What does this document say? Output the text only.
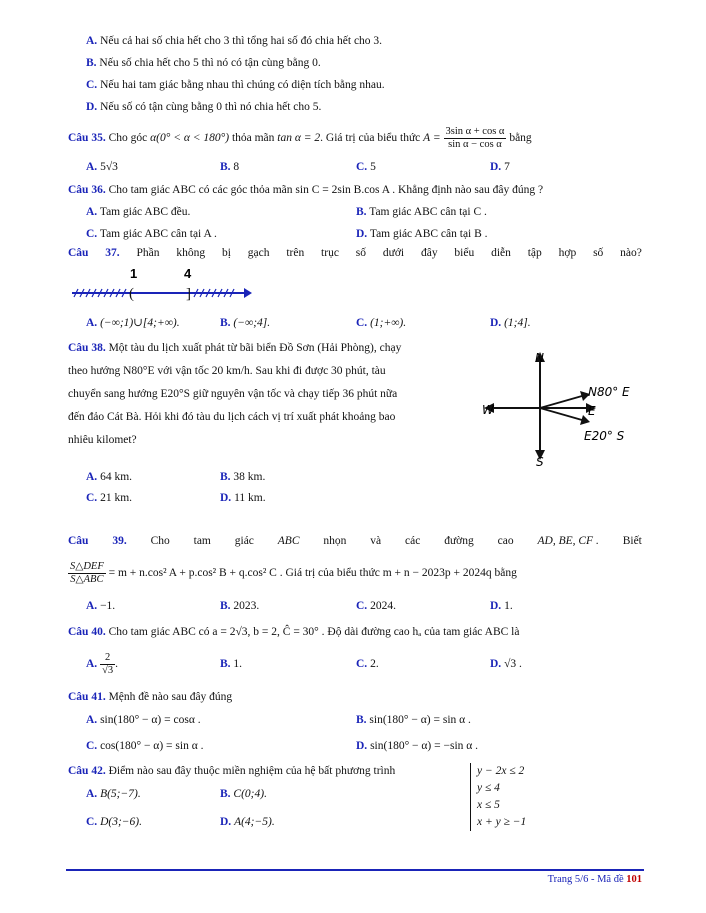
A. Nếu cả hai số chia hết cho 3 thì tổng hai số đó chia hết cho 3.
B. Nếu số chia hết cho 5 thì nó có tận cùng bằng 0.
C. Nếu hai tam giác bằng nhau thì chúng có diện tích bằng nhau.
D. Nếu số có tận cùng bằng 0 thì nó chia hết cho 5.
Câu 35. Cho góc α(0° < α < 180°) thỏa mãn tan α = 2. Giá trị của biểu thức $A = \frac{\text{3sin α + cos α}}{\text{sin α − cos α}}$ bằng
A. 5√3	B. 8	C. 5	D. 7
Câu 36. Cho tam giác ABC có các góc thỏa mãn sin C = 2sin B.cos A . Khẳng định nào sau đây đúng ?
A. Tam giác ABC đều.	B. Tam giác ABC cân tại C .
C. Tam giác ABC cân tại A .	D. Tam giác ABC cân tại B .
Câu 37. Phần không bị gạch trên trục số dưới đây biểu diễn tập hợp số nào?
1	4
(	]
A. (−∞;1)∪[4;+∞).	B. (−∞;4].	C. (1;+∞).	D. (1;4].
Câu 38. Một tàu du lịch xuất phát từ bãi biển Đồ Sơn (Hải Phòng), chạy
theo hướng N80°E với vận tốc 20 km/h. Sau khi đi được 30 phút, tàu
chuyển sang hướng E20°S giữ nguyên vận tốc và chạy tiếp 36 phút nữa
đến đảo Cát Bà. Hỏi khi đó tàu du lịch cách vị trí xuất phát khoảng bao
nhiêu kilomet?
N
S
W	E
N80° E
E20° S
A. 64 km.	B. 38 km.
C. 21 km.	D. 11 km.
Câu 39. Cho tam giác ABC nhọn và các đường cao AD, BE, CF . Biết
$\frac{\text{S△DEF}}{\text{S△ABC}} = m + n.\cos^2$ A + p.cos² B + q.cos² C . Giá trị của biểu thức m + n − 2023p + 2024q bằng
A. −1.	B. 2023.	C. 2024.	D. 1.
Câu 40. Cho tam giác ABC có a = 2√3, b = 2, Ĉ = 30° . Độ dài đường cao hₐ của tam giác ABC là
A. $\frac{2}{√3}$ .	B. 1.	C. 2.	D. √3 .
Câu 41. Mệnh đề nào sau đây đúng
A. sin(180° − α) = cosα .	B. sin(180° − α) = sin α .
C. cos(180° − α) = sin α .	D. sin(180° − α) = −sin α .
Câu 42. Điểm nào sau đây thuộc miền nghiệm của hệ bất phương trình	y − 2x ≤ 2
y ≤ 4
x ≤ 5
x + y ≥ −1
A. B(5;−7).	B. C(0;4).
C. D(3;−6).	D. A(4;−5).
Trang 5/6 - Mã đề 101
